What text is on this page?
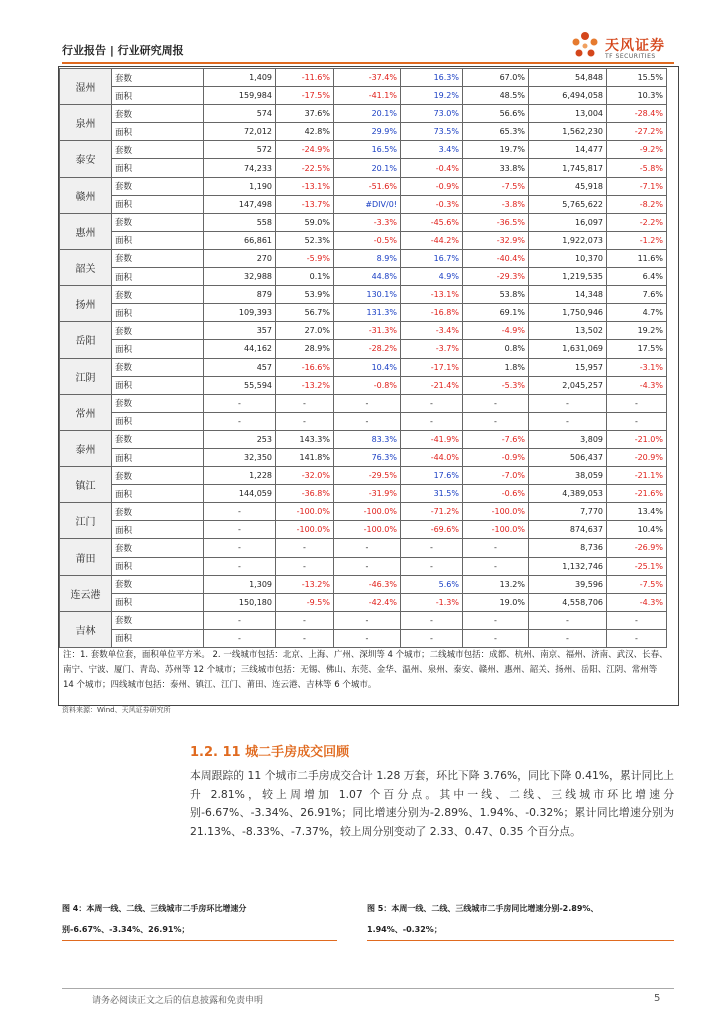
行业报告 | 行业研究周报	天风证券
TF SECURITIES
湿州	套数	1,409	-11.6%	-37.4%	16.3%	67.0%	54,848	15.5%
	面积	159,984	-17.5%	-41.1%	19.2%	48.5%	6,494,058	10.3%
泉州	套数	574	37.6%	20.1%	73.0%	56.6%	13,004	-28.4%
	面积	72,012	42.8%	29.9%	73.5%	65.3%	1,562,230	-27.2%
泰安	套数	572	-24.9%	16.5%	3.4%	19.7%	14,477	-9.2%
	面积	74,233	-22.5%	20.1%	-0.4%	33.8%	1,745,817	-5.8%
赣州	套数	1,190	-13.1%	-51.6%	-0.9%	-7.5%	45,918	-7.1%
	面积	147,498	-13.7%	#DIV/0!	-0.3%	-3.8%	5,765,622	-8.2%
惠州	套数	558	59.0%	-3.3%	-45.6%	-36.5%	16,097	-2.2%
	面积	66,861	52.3%	-0.5%	-44.2%	-32.9%	1,922,073	-1.2%
韶关	套数	270	-5.9%	8.9%	16.7%	-40.4%	10,370	11.6%
	面积	32,988	0.1%	44.8%	4.9%	-29.3%	1,219,535	6.4%
扬州	套数	879	53.9%	130.1%	-13.1%	53.8%	14,348	7.6%
	面积	109,393	56.7%	131.3%	-16.8%	69.1%	1,750,946	4.7%
岳阳	套数	357	27.0%	-31.3%	-3.4%	-4.9%	13,502	19.2%
	面积	44,162	28.9%	-28.2%	-3.7%	0.8%	1,631,069	17.5%
江阴	套数	457	-16.6%	10.4%	-17.1%	1.8%	15,957	-3.1%
	面积	55,594	-13.2%	-0.8%	-21.4%	-5.3%	2,045,257	-4.3%
常州	套数	-	-	-	-	-	-	-
	面积	-	-	-	-	-	-	-
泰州	套数	253	143.3%	83.3%	-41.9%	-7.6%	3,809	-21.0%
	面积	32,350	141.8%	76.3%	-44.0%	-0.9%	506,437	-20.9%
镇江	套数	1,228	-32.0%	-29.5%	17.6%	-7.0%	38,059	-21.1%
	面积	144,059	-36.8%	-31.9%	31.5%	-0.6%	4,389,053	-21.6%
江门	套数	-	-100.0%	-100.0%	-71.2%	-100.0%	7,770	13.4%
	面积	-	-100.0%	-100.0%	-69.6%	-100.0%	874,637	10.4%
莆田	套数	-	-	-	-	-	8,736	-26.9%
	面积	-	-	-	-	-	1,132,746	-25.1%
连云港	套数	1,309	-13.2%	-46.3%	5.6%	13.2%	39,596	-7.5%
	面积	150,180	-9.5%	-42.4%	-1.3%	19.0%	4,558,706	-4.3%
吉林	套数	-	-	-	-	-	-	-
	面积	-	-	-	-	-	-	-
注：1. 套数单位套，面积单位平方米。 2. 一线城市包括：北京、上海、广州、深圳等 4 个城市；二线城市包括：成都、杭州、南京、福州、济南、武汉、长春、南宁、宁波、厦门、青岛、苏州等 12 个城市；三线城市包括：无锡、佛山、东莞、金华、温州、泉州、泰安、赣州、惠州、韶关、扬州、岳阳、江阴、常州等 14 个城市；四线城市包括：泰州、镇江、江门、莆田、连云港、吉林等 6 个城市。
资料来源：Wind、天风证券研究所
1.2. 11 城二手房成交回顾
本周跟踪的 11 个城市二手房成交合计 1.28 万套，环比下降 3.76%，同比下降 0.41%，累计同比上升 2.81%，较上周增加 1.07 个百分点。其中一线、二线、三线城市环比增速分别-6.67%、-3.34%、26.91%；同比增速分别为-2.89%、1.94%、-0.32%；累计同比增速分别为 21.13%、-8.33%、-7.37%，较上周分别变动了 2.33、0.47、0.35 个百分点。
图 4：本周一线、二线、三线城市二手房环比增速分别-6.67%、-3.34%、26.91%；
图 5：本周一线、二线、三线城市二手房同比增速分别-2.89%、1.94%、-0.32%；
请务必阅读正文之后的信息披露和免责申明	5
